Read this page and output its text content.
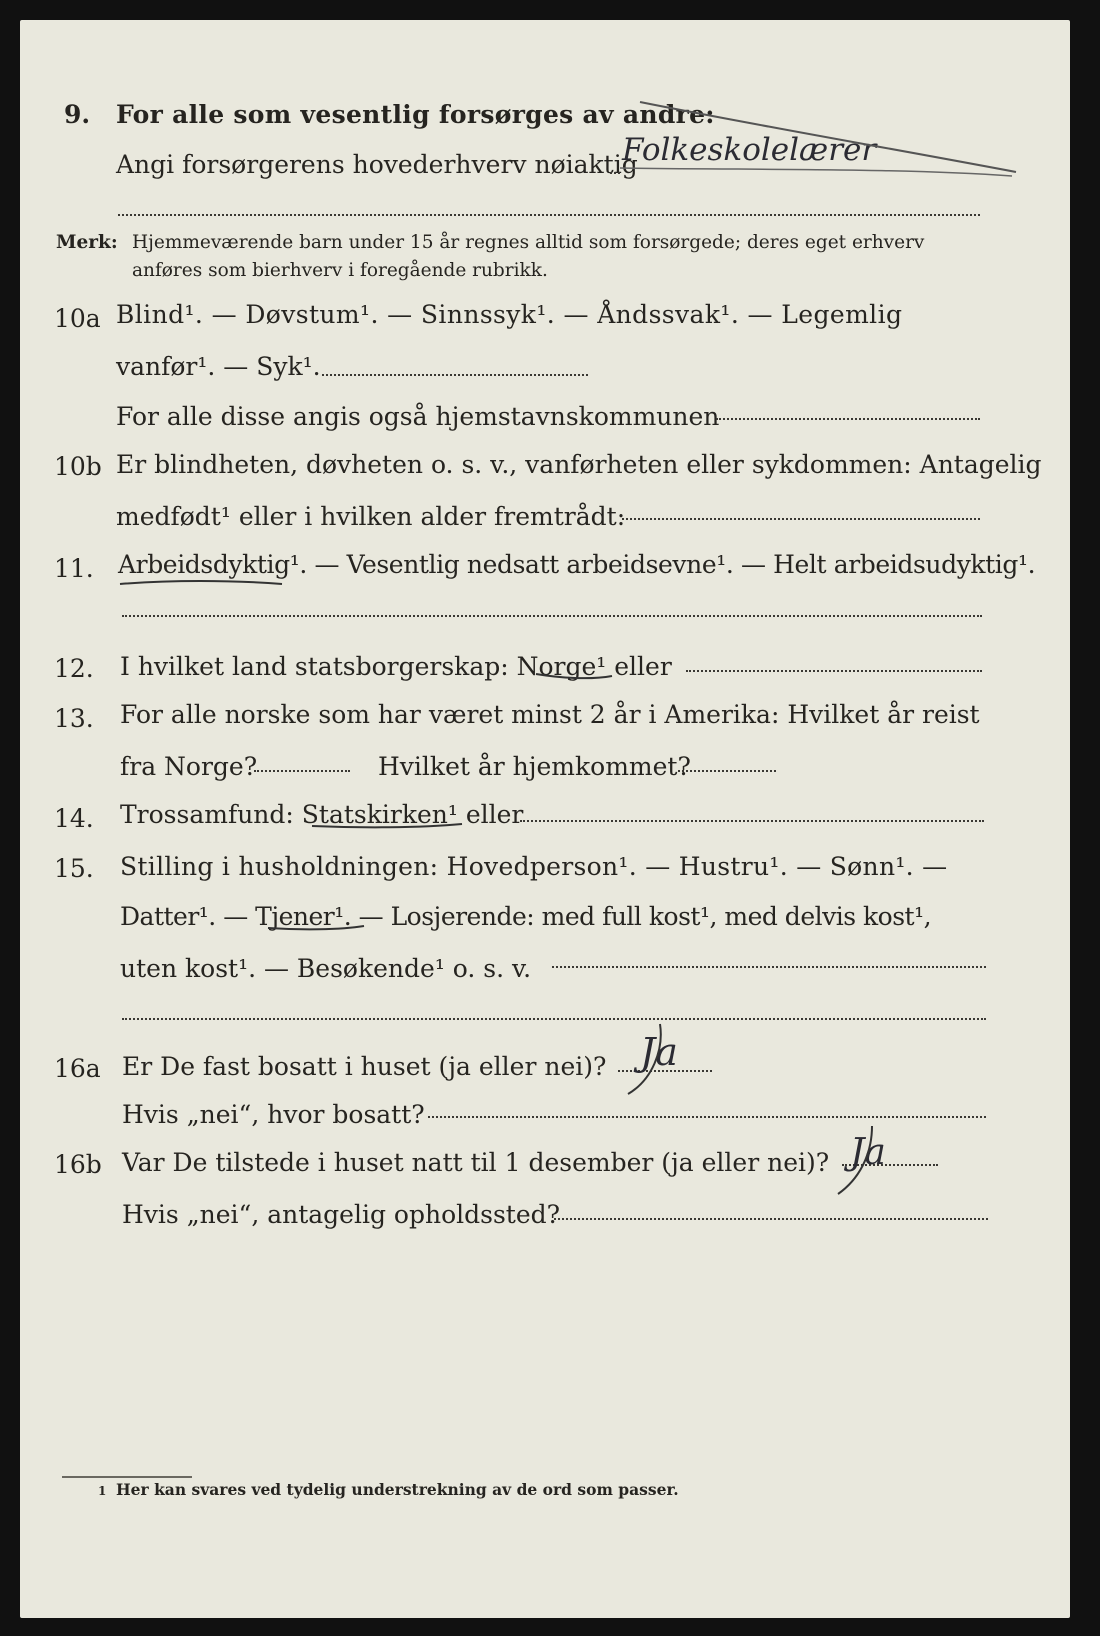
9. For alle som vesentlig forsørges av andre:
Angi forsørgerens hovederhverv nøiaktig
Folkeskolelærer
Merk: Hjemmeværende barn under 15 år regnes alltid som forsørgede; deres eget erhverv
anføres som bierhverv i foregående rubrikk.
10a Blind¹. — Døvstum¹. — Sinnssyk¹. — Åndssvak¹. — Legemlig
vanfør¹. — Syk¹.
For alle disse angis også hjemstavnskommunen
10b Er blindheten, døvheten o. s. v., vanførheten eller sykdommen: Antagelig
medfødt¹ eller i hvilken alder fremtrådt:
11. Arbeidsdyktig¹. — Vesentlig nedsatt arbeidsevne¹. — Helt arbeidsudyktig¹.
12. I hvilket land statsborgerskap: Norge¹ eller
13. For alle norske som har været minst 2 år i Amerika: Hvilket år reist
fra Norge?	Hvilket år hjemkommet?
14. Trossamfund: Statskirken¹ eller
15. Stilling i husholdningen: Hovedperson¹. — Hustru¹. — Sønn¹. —
Datter¹. — Tjener¹. — Losjerende: med full kost¹, med delvis kost¹,
uten kost¹. — Besøkende¹ o. s. v.
16a Er De fast bosatt i huset (ja eller nei)? Ja
Hvis „nei“, hvor bosatt?
16b Var De tilstede i huset natt til 1 desember (ja eller nei)? Ja
Hvis „nei“, antagelig opholdssted?
1 Her kan svares ved tydelig understrekning av de ord som passer.
